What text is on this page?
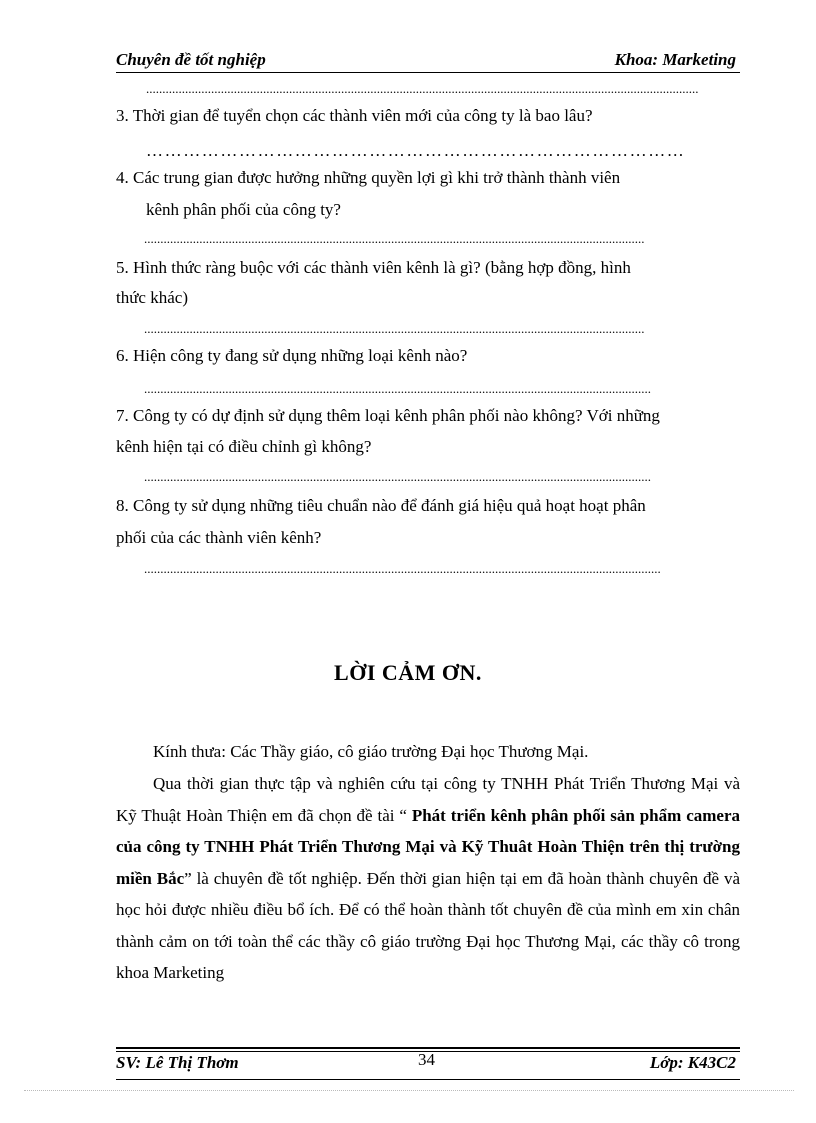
Chuyên đề tốt nghiệp	Khoa: Marketing
..........................................................................................................................................................................
3. Thời gian để tuyển chọn các thành viên mới của công ty là bao lâu?
……………………………………………………………………………
4. Các trung gian được hưởng những quyền lợi gì khi trở thành thành viên
kênh phân phối của công ty?
..........................................................................................................................................................
5. Hình thức ràng buộc với các thành viên kênh là gì? (bằng hợp đồng, hình
thức khác)
..........................................................................................................................................................
6. Hiện công ty đang sử dụng những loại kênh nào?
............................................................................................................................................................
7. Công ty có dự định sử dụng thêm loại kênh phân phối nào không? Với những
kênh hiện tại có điều chỉnh gì không?
............................................................................................................................................................
8. Công ty sử dụng những tiêu chuẩn nào để đánh giá hiệu quả hoạt hoạt phân
phối của các thành viên kênh?
...............................................................................................................................................................
LỜI CẢM ƠN.
Kính thưa: Các Thầy giáo, cô giáo trường Đại học Thương Mại.
Qua thời gian thực tập và nghiên cứu tại công ty TNHH Phát Triển Thương Mại và Kỹ Thuật Hoàn Thiện em đã chọn đề tài “ Phát triển kênh phân phối sản phẩm camera của công ty TNHH Phát Triển Thương Mại và Kỹ Thuât Hoàn Thiện trên thị trường miền Bắc” là chuyên đề tốt nghiệp. Đến thời gian hiện tại em đã hoàn thành chuyên đề và học hỏi được nhiều điều bổ ích. Để có thể hoàn thành tốt chuyên đề của mình em xin chân thành cảm on tới toàn thể các thầy cô giáo trường Đại học Thương Mại, các thầy cô trong khoa Marketing
SV: Lê Thị Thơm	34	Lớp: K43C2
